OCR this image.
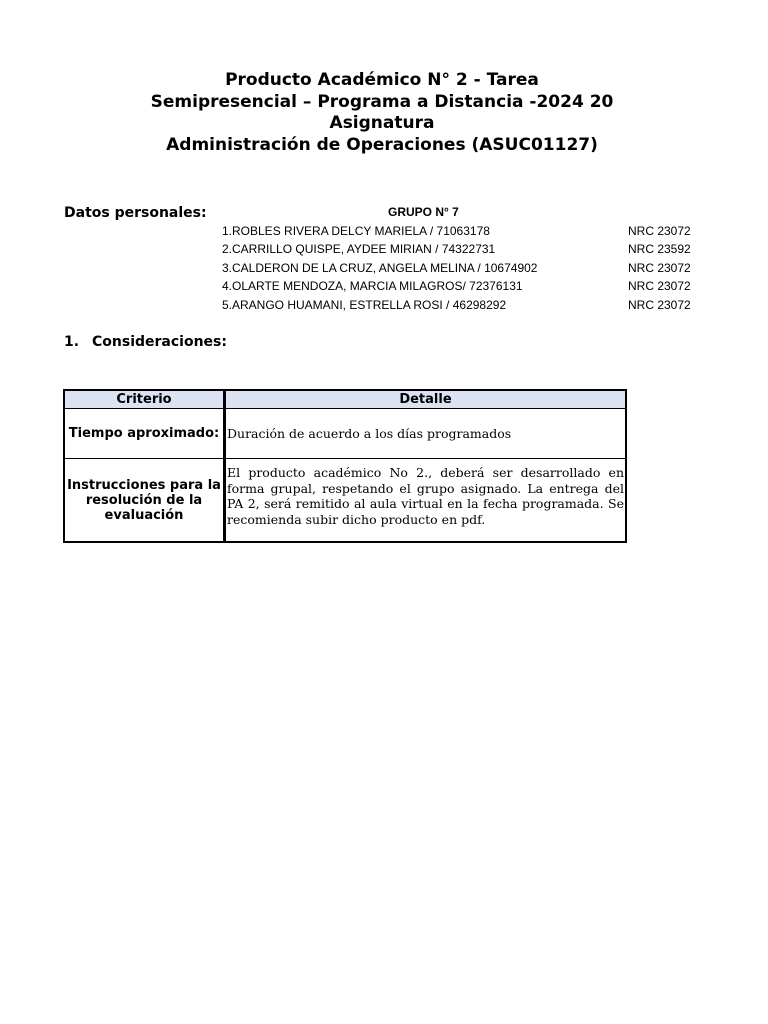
Producto Académico N° 2 - Tarea
Semipresencial – Programa a Distancia -2024 20
Asignatura
Administración de Operaciones (ASUC01127)
Datos personales:	GRUPO N° 7
1.ROBLES RIVERA DELCY MARIELA / 71063178	NRC 23072
2.CARRILLO QUISPE, AYDEE MIRIAN / 74322731	NRC 23592
3.CALDERON DE LA CRUZ, ANGELA MELINA / 10674902	NRC 23072
4.OLARTE MENDOZA, MARCIA MILAGROS/ 72376131	NRC 23072
5.ARANGO HUAMANI, ESTRELLA ROSI / 46298292	NRC 23072
1. Consideraciones:
Criterio	Detalle
Tiempo aproximado:	Duración de acuerdo a los días programados
Instrucciones para la resolución de la evaluación	El producto académico No 2., deberá ser desarrollado en forma grupal, respetando el grupo asignado. La entrega del PA 2, será remitido al aula virtual en la fecha programada. Se recomienda subir dicho producto en pdf.
